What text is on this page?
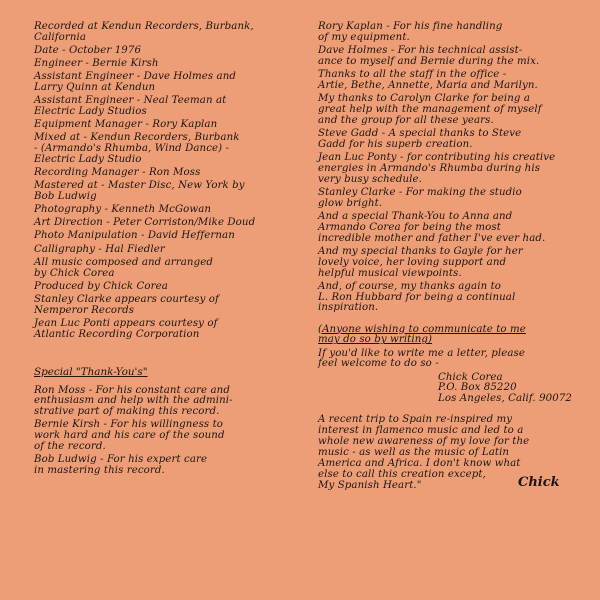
Recorded at Kendun Recorders, Burbank,
California
Date - October 1976
Engineer - Bernie Kirsh
Assistant Engineer - Dave Holmes and
Larry Quinn at Kendun
Assistant Engineer - Neal Teeman at
Electric Lady Studios
Equipment Manager - Rory Kaplan
Mixed at - Kendun Recorders, Burbank
- (Armando's Rhumba, Wind Dance) -
Electric Lady Studio
Recording Manager - Ron Moss
Mastered at - Master Disc, New York by
Bob Ludwig
Photography - Kenneth McGowan
Art Direction - Peter Corriston/Mike Doud
Photo Manipulation - David Heffernan
Calligraphy - Hal Fiedler
All music composed and arranged
by Chick Corea
Produced by Chick Corea
Stanley Clarke appears courtesy of
Nemperor Records
Jean Luc Ponti appears courtesy of
Atlantic Recording Corporation
Special "Thank-You's"
Ron Moss - For his constant care and
enthusiasm and help with the admini-
strative part of making this record.
Bernie Kirsh - For his willingness to
work hard and his care of the sound
of the record.
Bob Ludwig - For his expert care
in mastering this record.
Rory Kaplan - For his fine handling
of my equipment.
Dave Holmes - For his technical assist-
ance to myself and Bernie during the mix.
Thanks to all the staff in the office -
Artie, Bethe, Annette, Maria and Marilyn.
My thanks to Carolyn Clarke for being a
great help with the management of myself
and the group for all these years.
Steve Gadd - A special thanks to Steve
Gadd for his superb creation.
Jean Luc Ponty - for contributing his creative
energies in Armando's Rhumba during his
very busy schedule.
Stanley Clarke - For making the studio
glow bright.
And a special Thank-You to Anna and
Armando Corea for being the most
incredible mother and father I've ever had.
And my special thanks to Gayle for her
lovely voice, her loving support and
helpful musical viewpoints.
And, of course, my thanks again to
L. Ron Hubbard for being a continual
inspiration.
(Anyone wishing to communicate to me
may do so by writing)
If you'd like to write me a letter, please
feel welcome to do so -
Chick Corea
P.O. Box 85220
Los Angeles, Calif. 90072
A recent trip to Spain re-inspired my
interest in flamenco music and led to a
whole new awareness of my love for the
music - as well as the music of Latin
America and Africa. I don't know what
else to call this creation except,
My Spanish Heart."	Chick
